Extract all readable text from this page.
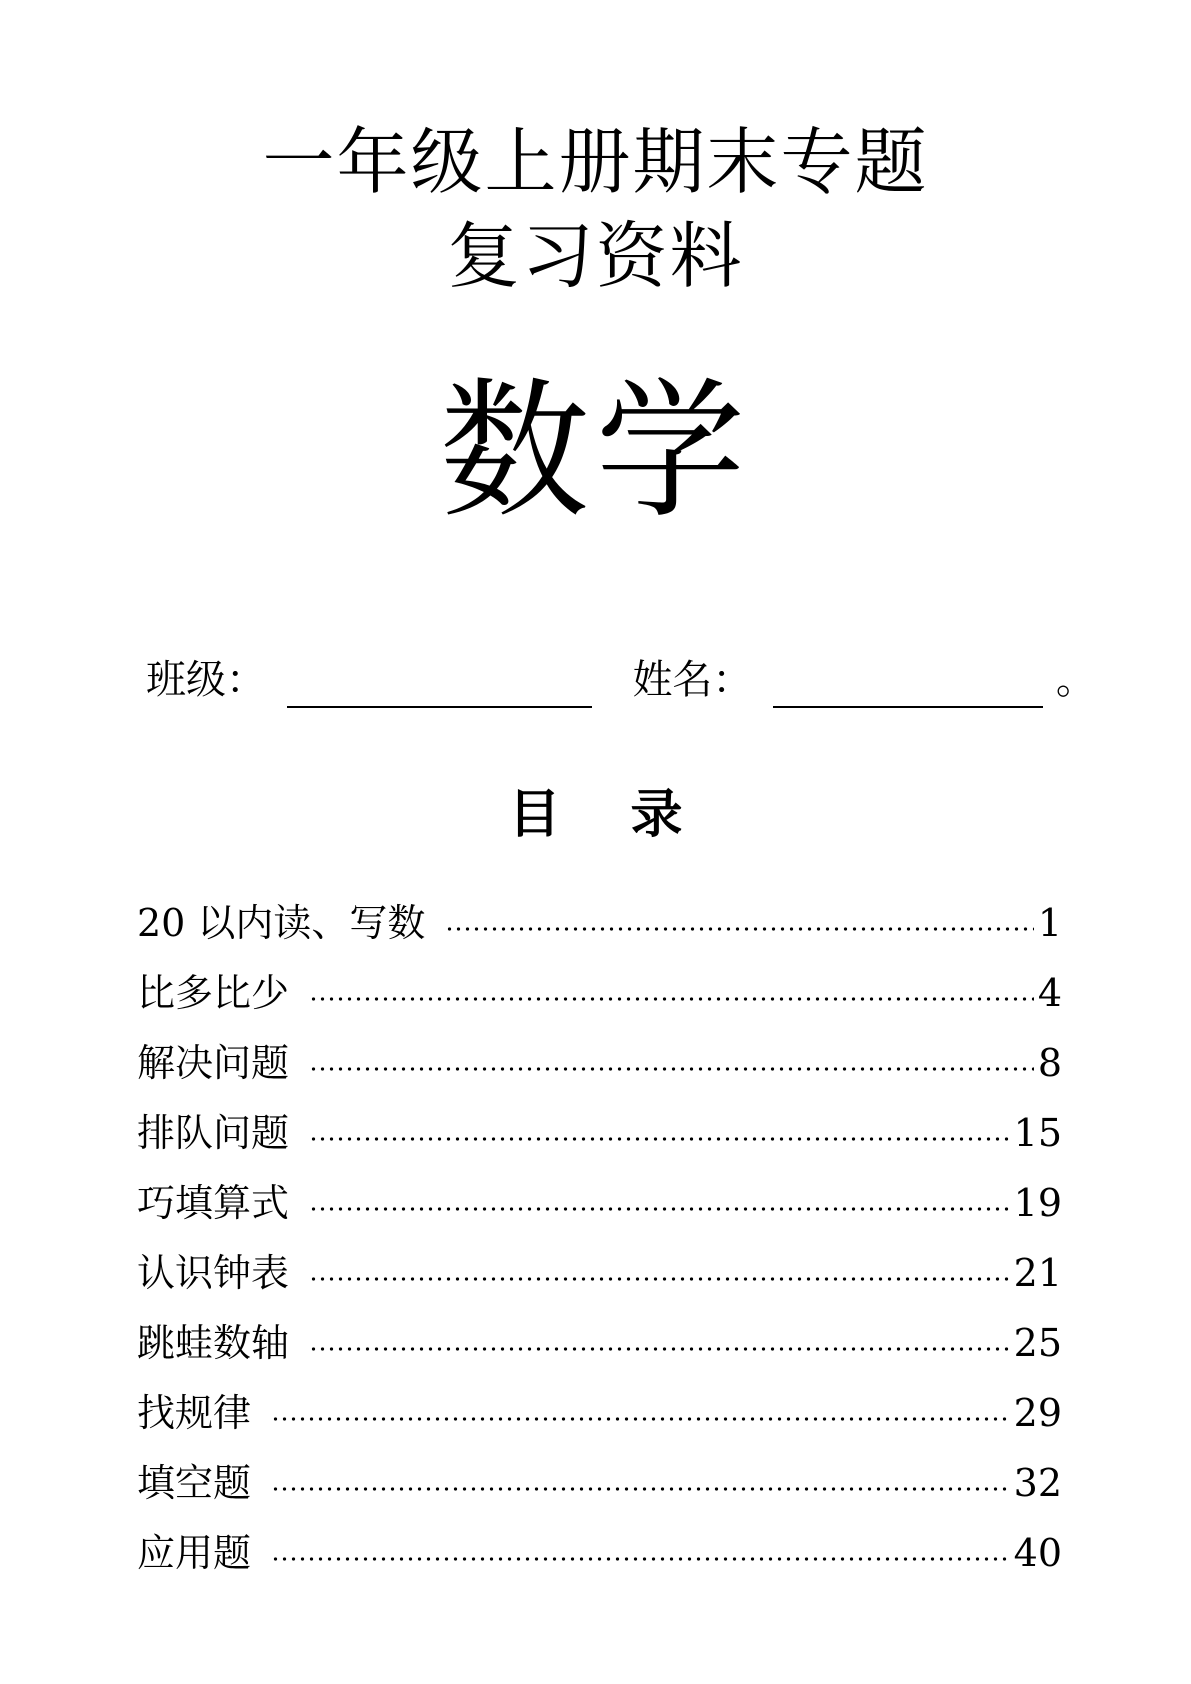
一年级上册期末专题
复习资料
数学
班级：	姓名：	。
目 录
20 以内读、写数	1
比多比少	4
解决问题	8
排队问题	15
巧填算式	19
认识钟表	21
跳蛙数轴	25
找规律	29
填空题	32
应用题	40
